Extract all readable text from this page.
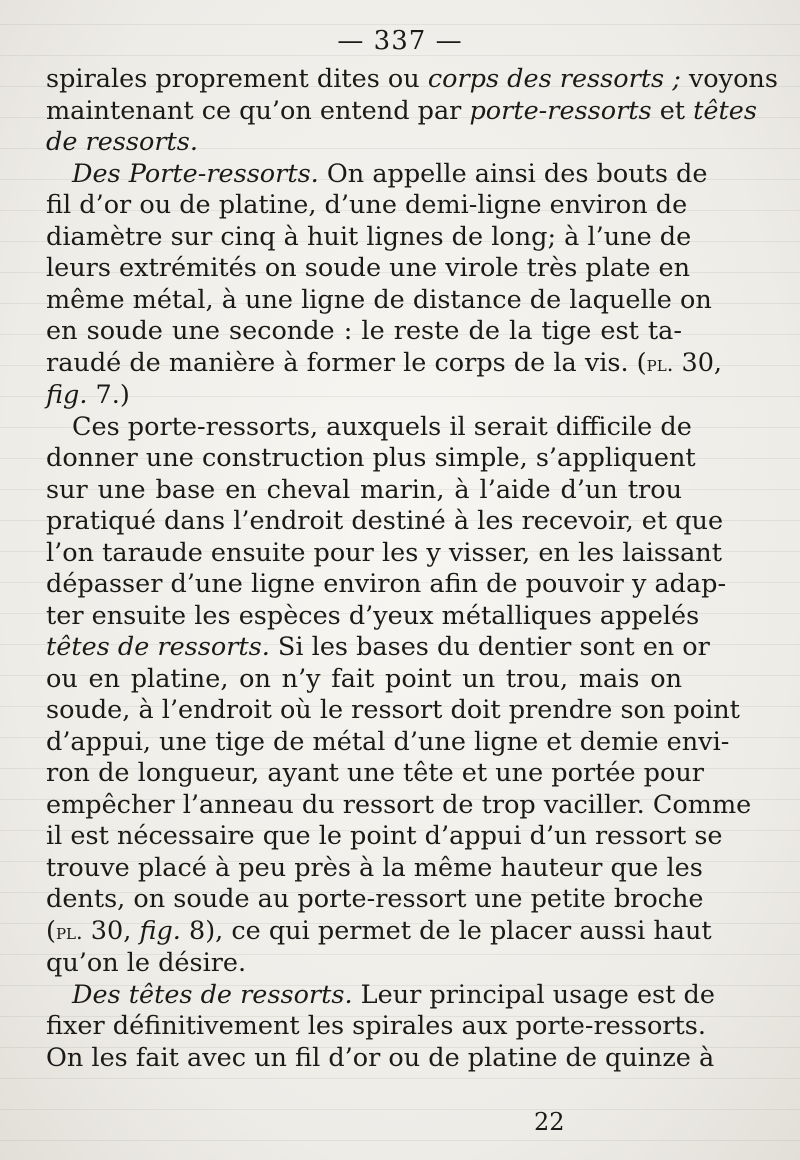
— 337 —
spirales proprement dites ou corps des ressorts ; voyons
maintenant ce qu’on entend par porte-ressorts et têtes
de ressorts.
Des Porte-ressorts. On appelle ainsi des bouts de
fil d’or ou de platine, d’une demi-ligne environ de
diamètre sur cinq à huit lignes de long; à l’une de
leurs extrémités on soude une virole très plate en
même métal, à une ligne de distance de laquelle on
en soude une seconde : le reste de la tige est ta-
raudé de manière à former le corps de la vis. (pl. 30,
fig. 7.)
Ces porte-ressorts, auxquels il serait difficile de
donner une construction plus simple, s’appliquent
sur une base en cheval marin, à l’aide d’un trou
pratiqué dans l’endroit destiné à les recevoir, et que
l’on taraude ensuite pour les y visser, en les laissant
dépasser d’une ligne environ afin de pouvoir y adap-
ter ensuite les espèces d’yeux métalliques appelés
têtes de ressorts. Si les bases du dentier sont en or
ou en platine, on n’y fait point un trou, mais on
soude, à l’endroit où le ressort doit prendre son point
d’appui, une tige de métal d’une ligne et demie envi-
ron de longueur, ayant une tête et une portée pour
empêcher l’anneau du ressort de trop vaciller. Comme
il est nécessaire que le point d’appui d’un ressort se
trouve placé à peu près à la même hauteur que les
dents, on soude au porte-ressort une petite broche
(pl. 30, fig. 8), ce qui permet de le placer aussi haut
qu’on le désire.
Des têtes de ressorts. Leur principal usage est de
fixer définitivement les spirales aux porte-ressorts.
On les fait avec un fil d’or ou de platine de quinze à
22
